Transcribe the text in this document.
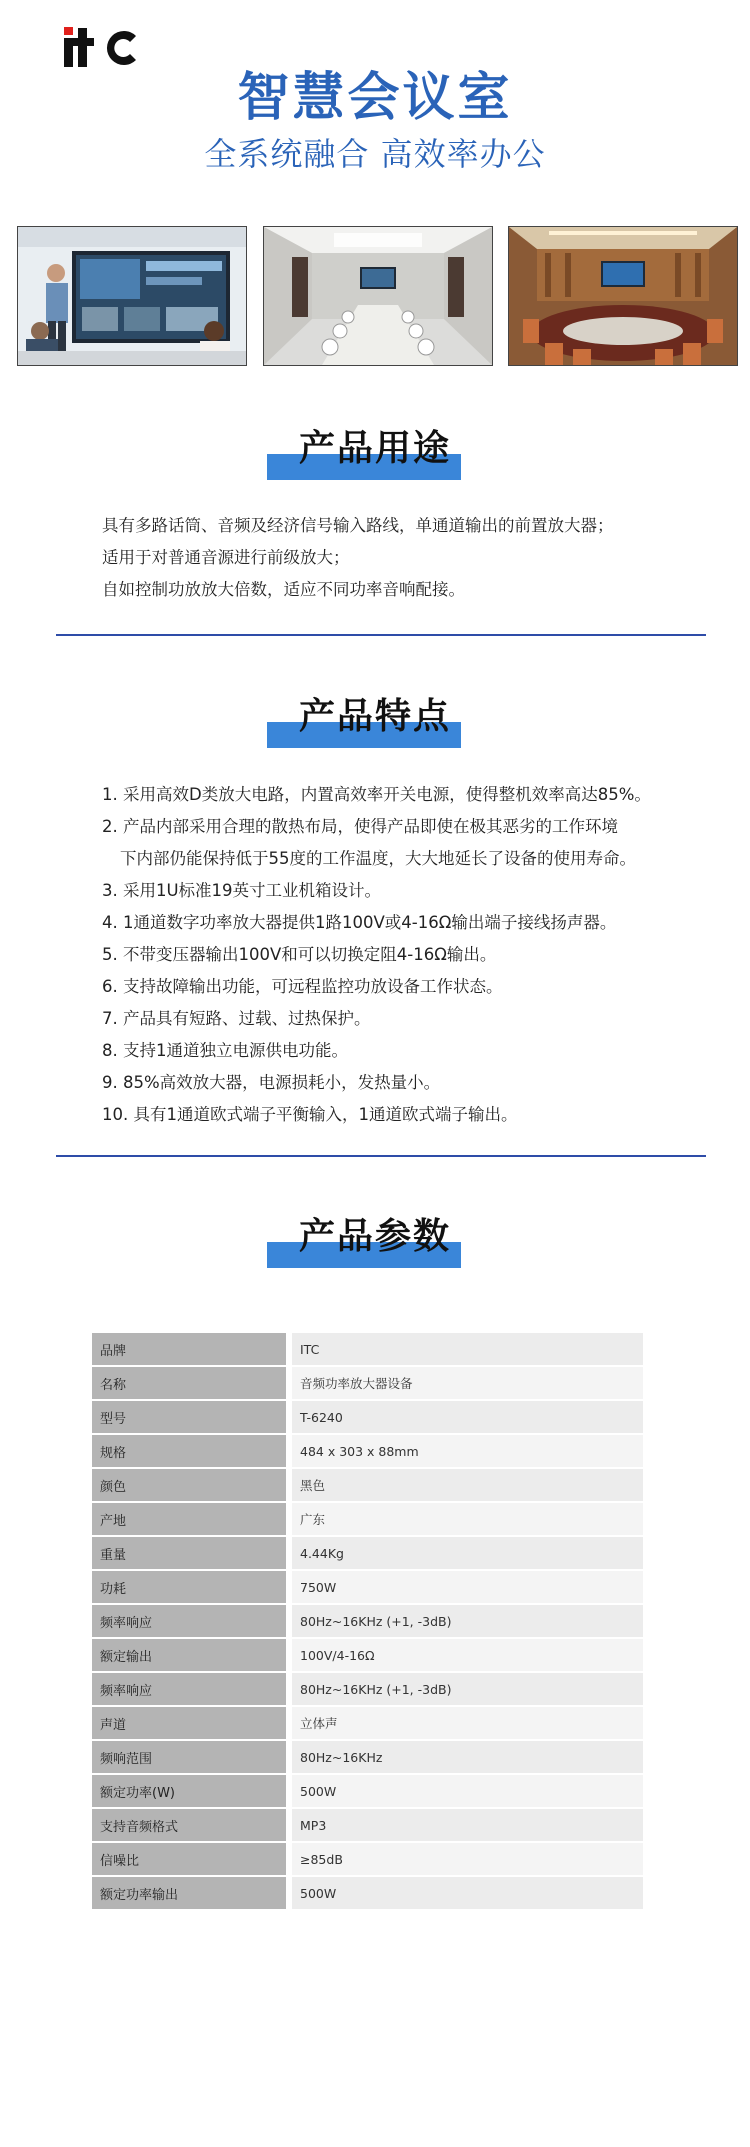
智慧会议室
全系统融合 高效率办公
产品用途
具有多路话筒、音频及经济信号输入路线，单通道输出的前置放大器；
适用于对普通音源进行前级放大；
自如控制功放放大倍数，适应不同功率音响配接。
产品特点
1. 采用高效D类放大电路，内置高效率开关电源，使得整机效率高达85%。
2. 产品内部采用合理的散热布局，使得产品即使在极其恶劣的工作环境
下内部仍能保持低于55度的工作温度，大大地延长了设备的使用寿命。
3. 采用1U标准19英寸工业机箱设计。
4. 1通道数字功率放大器提供1路100V或4-16Ω输出端子接线扬声器。
5. 不带变压器输出100V和可以切换定阻4-16Ω输出。
6. 支持故障输出功能，可远程监控功放设备工作状态。
7. 产品具有短路、过载、过热保护。
8. 支持1通道独立电源供电功能。
9. 85%高效放大器，电源损耗小，发热量小。
10. 具有1通道欧式端子平衡输入，1通道欧式端子输出。
产品参数
品牌	ITC
名称	音频功率放大器设备
型号	T-6240
规格	484 x 303 x 88mm
颜色	黑色
产地	广东
重量	4.44Kg
功耗	750W
频率响应	80Hz~16KHz (+1, -3dB)
额定输出	100V/4-16Ω
频率响应	80Hz~16KHz (+1, -3dB)
声道	立体声
频响范围	80Hz~16KHz
额定功率(W)	500W
支持音频格式	MP3
信噪比	≥85dB
额定功率输出	500W
